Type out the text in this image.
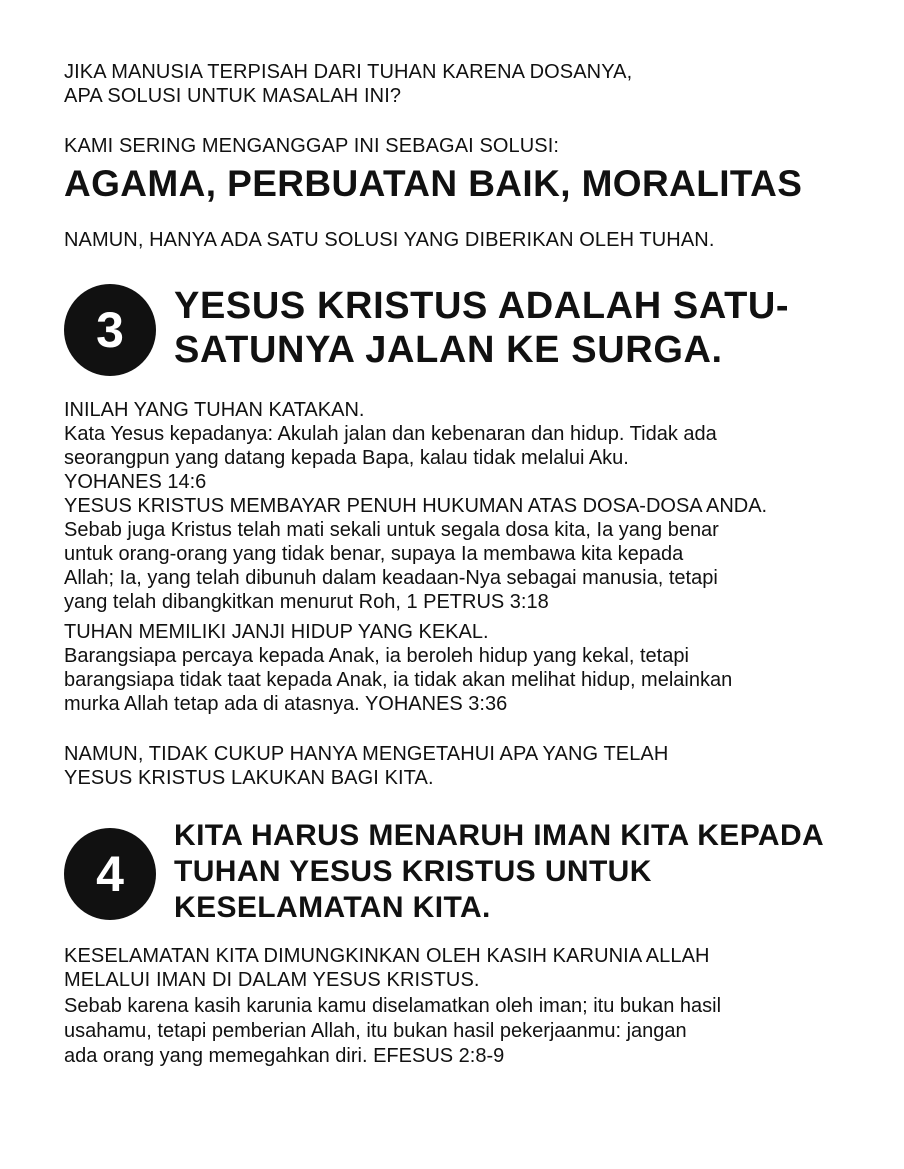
JIKA MANUSIA TERPISAH DARI TUHAN KARENA DOSANYA,

APA SOLUSI UNTUK MASALAH INI?

KAMI SERING MENGANGGAP INI SEBAGAI SOLUSI:

AGAMA, PERBUATAN BAIK, MORALITAS

NAMUN, HANYA ADA SATU SOLUSI YANG DIBERIKAN OLEH TUHAN.

3 YESUS KRISTUS ADALAH SATU-
SATUNYA JALAN KE SURGA.

INILAH YANG TUHAN KATAKAN.

Kata Yesus kepadanya: Akulah jalan dan kebenaran dan hidup. Tidak ada

seorangpun yang datang kepada Bapa, kalau tidak melalui Aku.

YOHANES 14:6

YESUS KRISTUS MEMBAYAR PENUH HUKUMAN ATAS DOSA-DOSA ANDA.

Sebab juga Kristus telah mati sekali untuk segala dosa kita, Ia yang benar

untuk orang-orang yang tidak benar, supaya Ia membawa kita kepada

Allah; Ia, yang telah dibunuh dalam keadaan-Nya sebagai manusia, tetapi

yang telah dibangkitkan menurut Roh, 1 PETRUS 3:18

TUHAN MEMILIKI JANJI HIDUP YANG KEKAL.

Barangsiapa percaya kepada Anak, ia beroleh hidup yang kekal, tetapi

barangsiapa tidak taat kepada Anak, ia tidak akan melihat hidup, melainkan

murka Allah tetap ada di atasnya. YOHANES 3:36

NAMUN, TIDAK CUKUP HANYA MENGETAHUI APA YANG TELAH

YESUS KRISTUS LAKUKAN BAGI KITA.

4
KITA HARUS MENARUH IMAN KITA KEPADA
TUHAN YESUS KRISTUS UNTUK
KESELAMATAN KITA.

KESELAMATAN KITA DIMUNGKINKAN OLEH KASIH KARUNIA ALLAH

MELALUI IMAN DI DALAM YESUS KRISTUS.

Sebab karena kasih karunia kamu diselamatkan oleh iman; itu bukan hasil

usahamu, tetapi pemberian Allah, itu bukan hasil pekerjaanmu: jangan

ada orang yang memegahkan diri. EFESUS 2:8-9
